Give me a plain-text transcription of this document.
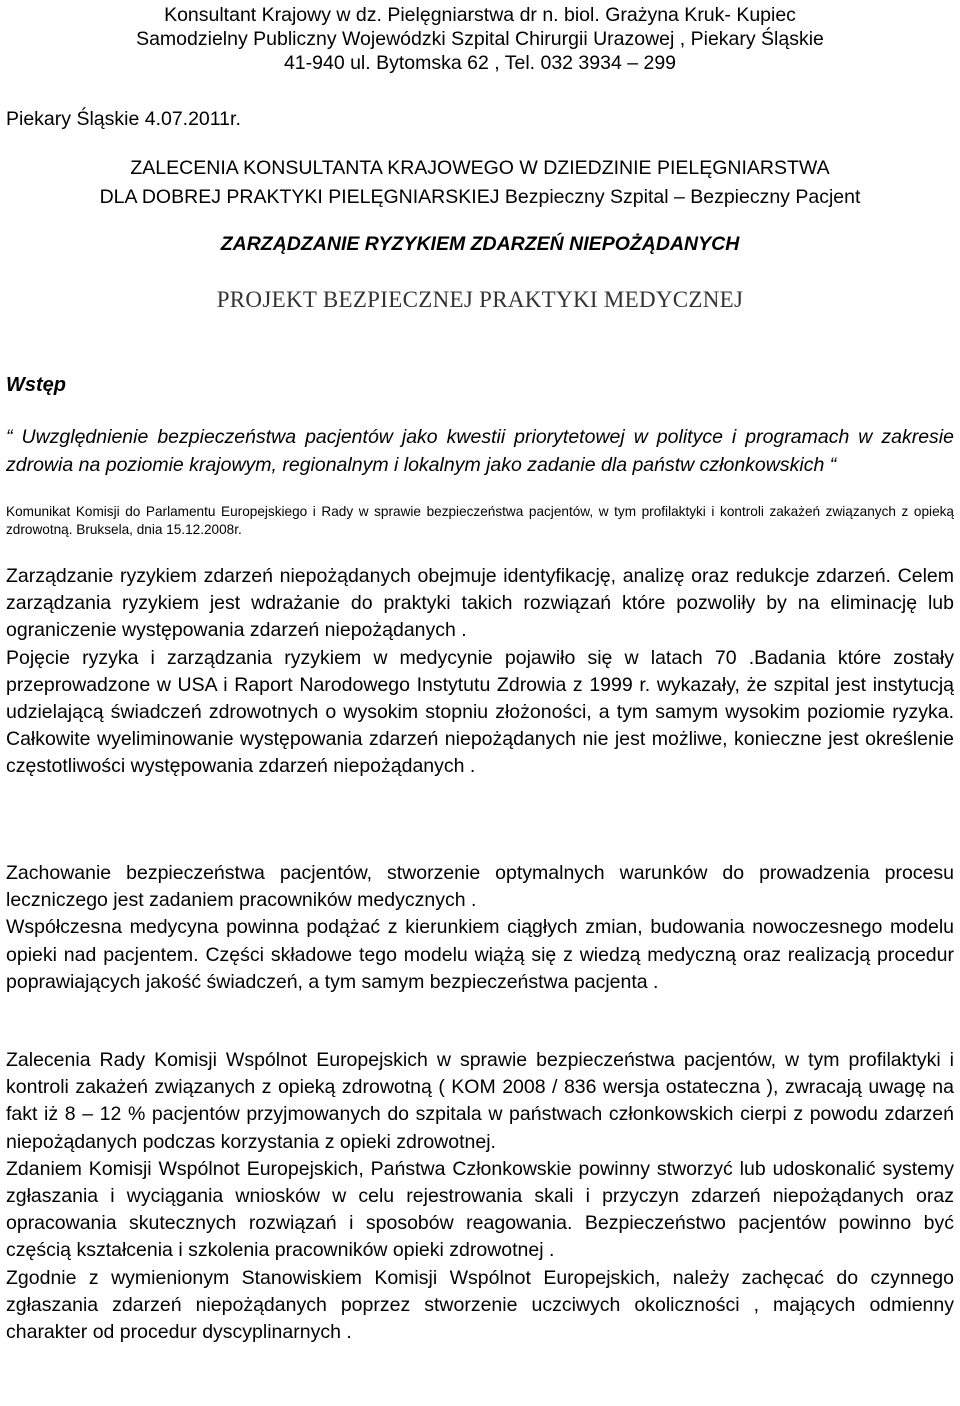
Konsultant Krajowy w dz. Pielęgniarstwa dr n. biol. Grażyna Kruk- Kupiec
Samodzielny Publiczny Wojewódzki Szpital Chirurgii Urazowej , Piekary Śląskie
41-940 ul. Bytomska 62 , Tel. 032 3934 – 299
Piekary Śląskie 4.07.2011r.
ZALECENIA KONSULTANTA KRAJOWEGO W DZIEDZINIE PIELĘGNIARSTWA
DLA DOBREJ PRAKTYKI PIELĘGNIARSKIEJ Bezpieczny Szpital – Bezpieczny Pacjent
ZARZĄDZANIE RYZYKIEM ZDARZEŃ NIEPOŻĄDANYCH
PROJEKT BEZPIECZNEJ PRAKTYKI MEDYCZNEJ
Wstęp
“ Uwzględnienie bezpieczeństwa pacjentów jako kwestii priorytetowej w polityce i programach w zakresie zdrowia na poziomie krajowym, regionalnym i lokalnym jako zadanie dla państw członkowskich “
Komunikat Komisji do Parlamentu Europejskiego i Rady w sprawie bezpieczeństwa pacjentów, w tym profilaktyki i kontroli zakażeń związanych z opieką zdrowotną. Bruksela, dnia 15.12.2008r.

Zarządzanie ryzykiem zdarzeń niepożądanych obejmuje identyfikację, analizę oraz redukcje zdarzeń. Celem zarządzania ryzykiem jest wdrażanie do praktyki takich rozwiązań które pozwoliły by na eliminację lub ograniczenie występowania zdarzeń niepożądanych .

Pojęcie ryzyka i zarządzania ryzykiem w medycynie pojawiło się w latach 70 .Badania które zostały przeprowadzone w USA i Raport Narodowego Instytutu Zdrowia z 1999 r. wykazały, że szpital jest instytucją udzielającą świadczeń zdrowotnych o wysokim stopniu złożoności, a tym samym wysokim poziomie ryzyka. Całkowite wyeliminowanie występowania zdarzeń niepożądanych nie jest możliwe, konieczne jest określenie częstotliwości występowania zdarzeń niepożądanych .

Zachowanie bezpieczeństwa pacjentów, stworzenie optymalnych warunków do prowadzenia procesu leczniczego jest zadaniem pracowników medycznych .

Współczesna medycyna powinna podążać z kierunkiem ciągłych zmian, budowania nowoczesnego modelu opieki nad pacjentem. Części składowe tego modelu wiążą się z wiedzą medyczną oraz realizacją procedur poprawiających jakość świadczeń, a tym samym bezpieczeństwa pacjenta .

Zalecenia Rady Komisji Wspólnot Europejskich w sprawie bezpieczeństwa pacjentów, w tym profilaktyki i kontroli zakażeń związanych z opieką zdrowotną ( KOM 2008 / 836 wersja ostateczna ), zwracają uwagę na fakt iż 8 – 12 % pacjentów przyjmowanych do szpitala w państwach członkowskich cierpi z powodu zdarzeń niepożądanych podczas korzystania z opieki zdrowotnej.

Zdaniem Komisji Wspólnot Europejskich, Państwa Członkowskie powinny stworzyć lub udoskonalić systemy zgłaszania i wyciągania wniosków w celu rejestrowania skali i przyczyn zdarzeń niepożądanych oraz opracowania skutecznych rozwiązań i sposobów reagowania. Bezpieczeństwo pacjentów powinno być częścią kształcenia i szkolenia pracowników opieki zdrowotnej .

Zgodnie z wymienionym Stanowiskiem Komisji Wspólnot Europejskich, należy zachęcać do czynnego zgłaszania zdarzeń niepożądanych poprzez stworzenie uczciwych okoliczności , mających odmienny charakter od procedur dyscyplinarnych .
